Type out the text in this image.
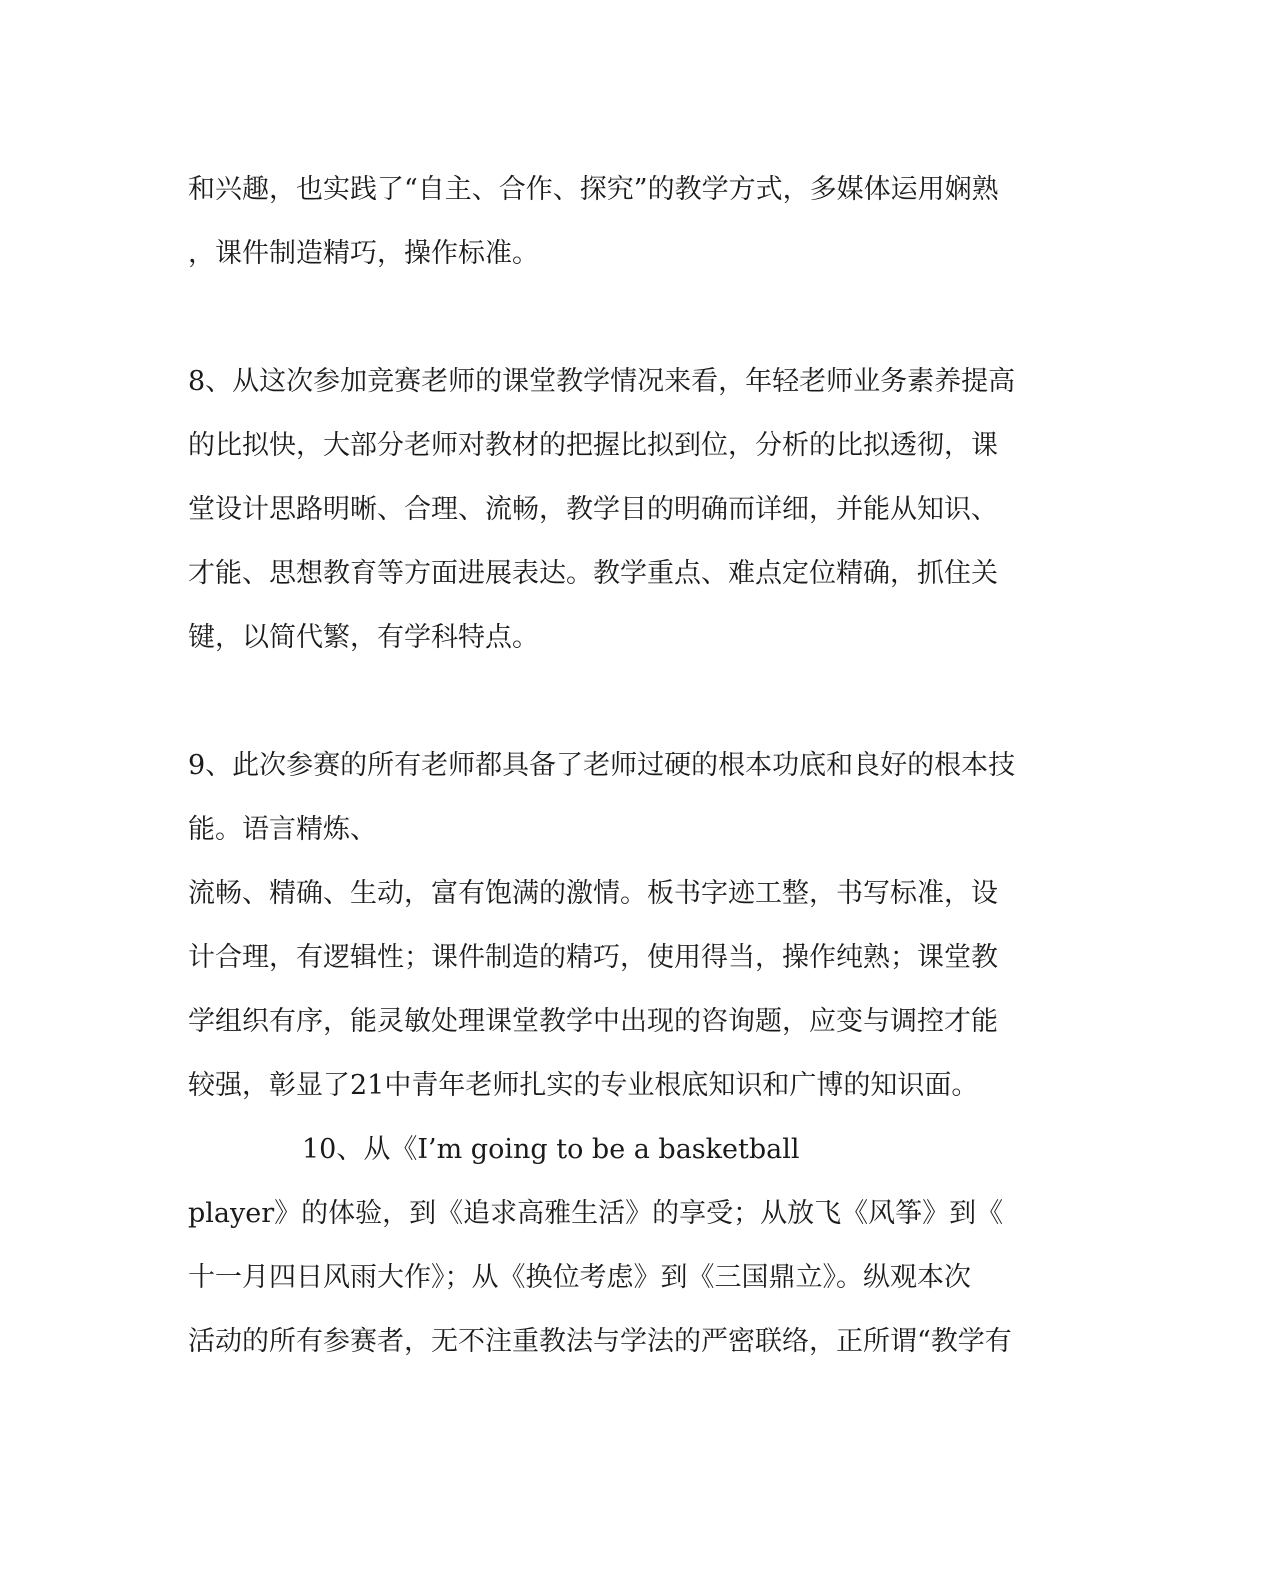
和兴趣，也实践了“自主、合作、探究”的教学方式，多媒体运用娴熟
，课件制造精巧，操作标准。
8、从这次参加竞赛老师的课堂教学情况来看，年轻老师业务素养提高
的比拟快，大部分老师对教材的把握比拟到位，分析的比拟透彻，课
堂设计思路明晰、合理、流畅，教学目的明确而详细，并能从知识、
才能、思想教育等方面进展表达。教学重点、难点定位精确，抓住关
键，以简代繁，有学科特点。
9、此次参赛的所有老师都具备了老师过硬的根本功底和良好的根本技
能。语言精炼、
流畅、精确、生动，富有饱满的激情。板书字迹工整，书写标准，设
计合理，有逻辑性；课件制造的精巧，使用得当，操作纯熟；课堂教
学组织有序，能灵敏处理课堂教学中出现的咨询题，应变与调控才能
较强，彰显了21中青年老师扎实的专业根底知识和广博的知识面。
10、从《I’m going to be a basketball
player》的体验，到《追求高雅生活》的享受；从放飞《风筝》到《
十一月四日风雨大作》；从《换位考虑》到《三国鼎立》。纵观本次
活动的所有参赛者，无不注重教法与学法的严密联络，正所谓“教学有
